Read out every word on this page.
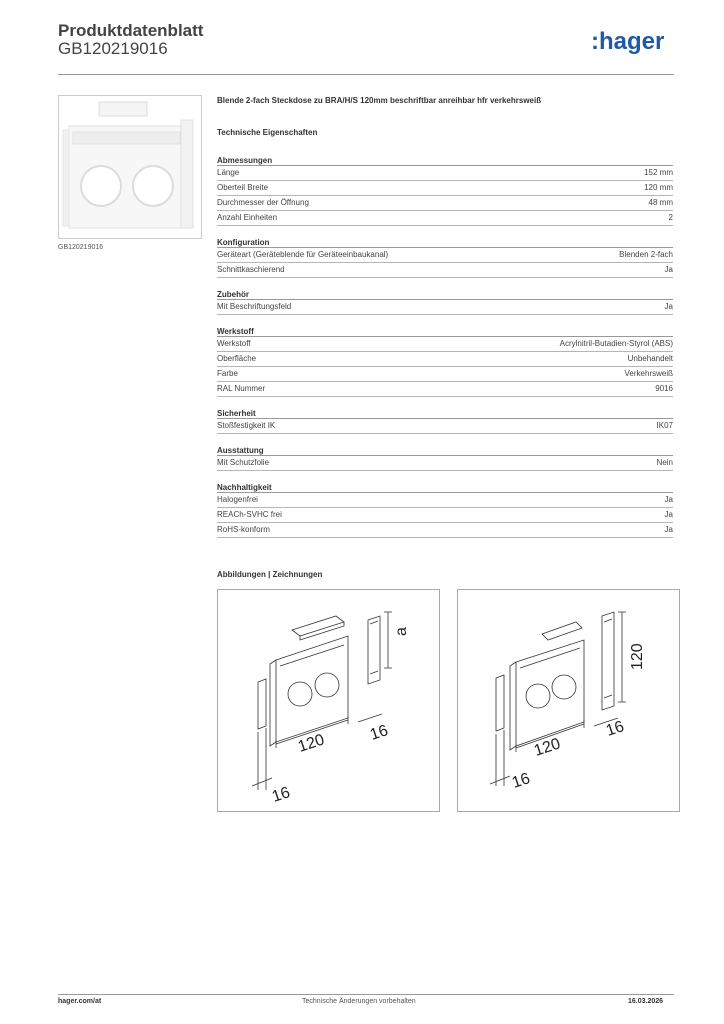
Produktdatenblatt
GB120219016	:hager
GB120219016
Blende 2-fach Steckdose zu BRA/H/S 120mm beschriftbar anreihbar hfr verkehrsweiß
Technische Eigenschaften
Abmessungen
Länge	152 mm
Oberteil Breite	120 mm
Durchmesser der Öffnung	48 mm
Anzahl Einheiten	2
Konfiguration
Geräteart (Geräteblende für Geräteeinbaukanal)	Blenden 2-fach
Schnittkaschierend	Ja
Zubehör
Mit Beschriftungsfeld	Ja
Werkstoff
Werkstoff	Acrylnitril-Butadien-Styrol (ABS)
Oberfläche	Unbehandelt
Farbe	Verkehrsweiß
RAL Nummer	9016
Sicherheit
Stoßfestigkeit IK	IK07
Ausstattung
Mit Schutzfolie	Nein
Nachhaltigkeit
Halogenfrei	Ja
REACh-SVHC frei	Ja
RoHS-konform	Ja
Abbildungen | Zeichnungen
120	16
16
a
120
16
16
120
hager.com/at	Technische Änderungen vorbehalten	16.03.2026
